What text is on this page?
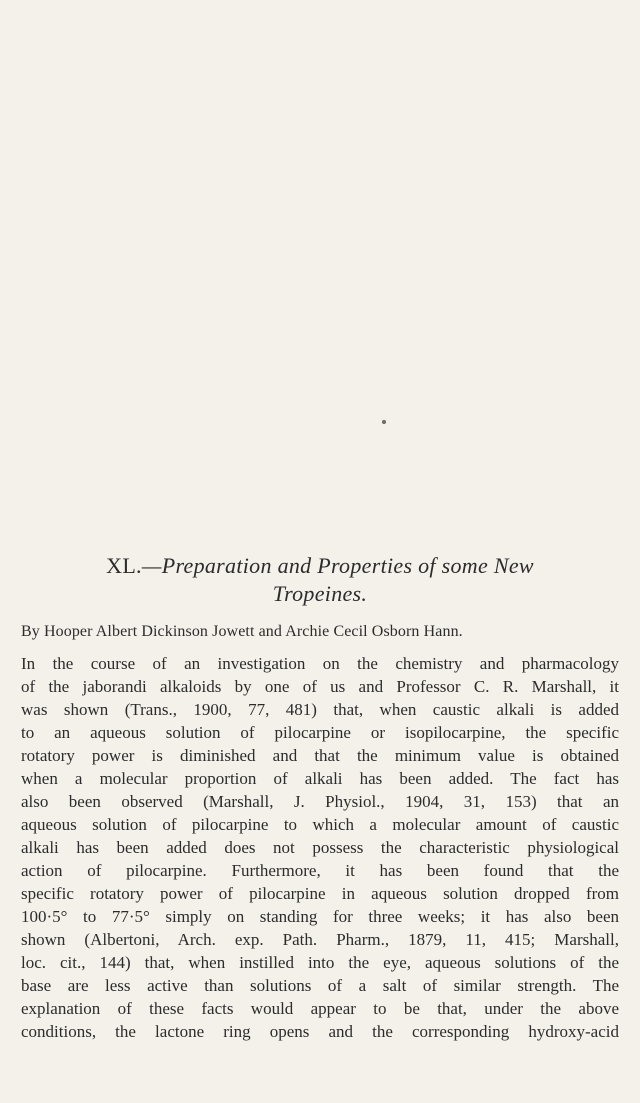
XL.—Preparation and Properties of some New
Tropeines.
By Hooper Albert Dickinson Jowett and Archie Cecil Osborn Hann.
In the course of an investigation on the chemistry and pharmacology
of the jaborandi alkaloids by one of us and Professor C. R. Marshall, it
was shown (Trans., 1900, 77, 481) that, when caustic alkali is added
to an aqueous solution of pilocarpine or isopilocarpine, the specific
rotatory power is diminished and that the minimum value is obtained
when a molecular proportion of alkali has been added. The fact has
also been observed (Marshall, J. Physiol., 1904, 31, 153) that an
aqueous solution of pilocarpine to which a molecular amount of caustic
alkali has been added does not possess the characteristic physiological
action of pilocarpine. Furthermore, it has been found that the
specific rotatory power of pilocarpine in aqueous solution dropped from
100·5° to 77·5° simply on standing for three weeks; it has also been
shown (Albertoni, Arch. exp. Path. Pharm., 1879, 11, 415; Marshall,
loc. cit., 144) that, when instilled into the eye, aqueous solutions of the
base are less active than solutions of a salt of similar strength. The
explanation of these facts would appear to be that, under the above
conditions, the lactone ring opens and the corresponding hydroxy-acid
